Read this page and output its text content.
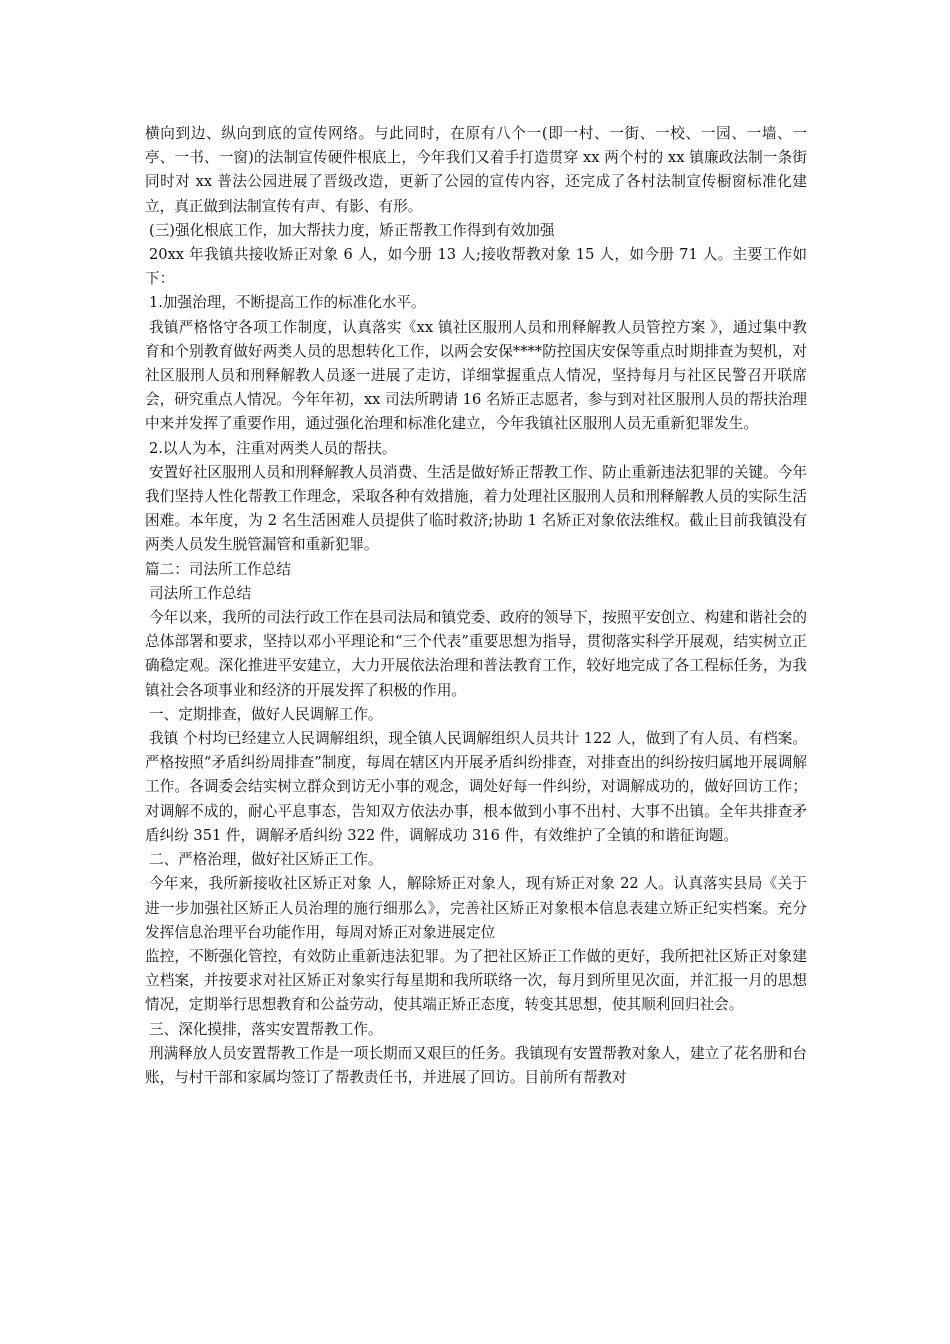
横向到边、纵向到底的宣传网络。与此同时，在原有八个一(即一村、一街、一校、一园、一墙、一亭、一书、一窗)的法制宣传硬件根底上，今年我们又着手打造贯穿 xx 两个村的 xx 镇廉政法制一条街同时对 xx 普法公园进展了晋级改造，更新了公园的宣传内容，还完成了各村法制宣传橱窗标准化建立，真正做到法制宣传有声、有影、有形。

(三)强化根底工作，加大帮扶力度，矫正帮教工作得到有效加强

20xx 年我镇共接收矫正对象 6 人，如今册 13 人;接收帮教对象 15 人，如今册 71 人。主要工作如下：

1.加强治理，不断提高工作的标准化水平。

我镇严格恪守各项工作制度，认真落实《xx 镇社区服刑人员和刑释解教人员管控方案 》，通过集中教育和个别教育做好两类人员的思想转化工作，以两会安保****防控国庆安保等重点时期排查为契机，对社区服刑人员和刑释解教人员逐一进展了走访，详细掌握重点人情况，坚持每月与社区民警召开联席会，研究重点人情况。今年年初，xx 司法所聘请 16 名矫正志愿者，参与到对社区服刑人员的帮扶治理中来并发挥了重要作用，通过强化治理和标准化建立，今年我镇社区服刑人员无重新犯罪发生。

2.以人为本，注重对两类人员的帮扶。

安置好社区服刑人员和刑释解教人员消费、生活是做好矫正帮教工作、防止重新违法犯罪的关键。今年我们坚持人性化帮教工作理念，采取各种有效措施，着力处理社区服刑人员和刑释解教人员的实际生活困难。本年度，为 2 名生活困难人员提供了临时救济;协助 1 名矫正对象依法维权。截止目前我镇没有两类人员发生脱管漏管和重新犯罪。

篇二：司法所工作总结

司法所工作总结

今年以来，我所的司法行政工作在县司法局和镇党委、政府的领导下，按照平安创立、构建和谐社会的总体部署和要求，坚持以邓小平理论和“三个代表”重要思想为指导，贯彻落实科学开展观，结实树立正确稳定观。深化推进平安建立，大力开展依法治理和普法教育工作，较好地完成了各工程标任务，为我镇社会各项事业和经济的开展发挥了积极的作用。

一、定期排查，做好人民调解工作。

我镇 个村均已经建立人民调解组织，现全镇人民调解组织人员共计 122 人，做到了有人员、有档案。严格按照“矛盾纠纷周排查”制度，每周在辖区内开展矛盾纠纷排查，对排查出的纠纷按归属地开展调解工作。各调委会结实树立群众到访无小事的观念，调处好每一件纠纷，对调解成功的，做好回访工作；对调解不成的，耐心平息事态，告知双方依法办事，根本做到小事不出村、大事不出镇。全年共排查矛盾纠纷 351 件，调解矛盾纠纷 322 件，调解成功 316 件，有效维护了全镇的和谐征询题。

二、严格治理，做好社区矫正工作。

今年来，我所新接收社区矫正对象 人，解除矫正对象人，现有矫正对象 22 人。认真落实县局《关于进一步加强社区矫正人员治理的施行细那么》，完善社区矫正对象根本信息表建立矫正纪实档案。充分发挥信息治理平台功能作用，每周对矫正对象进展定位

监控，不断强化管控，有效防止重新违法犯罪。为了把社区矫正工作做的更好，我所把社区矫正对象建立档案，并按要求对社区矫正对象实行每星期和我所联络一次，每月到所里见次面，并汇报一月的思想情况，定期举行思想教育和公益劳动，使其端正矫正态度，转变其思想，使其顺利回归社会。

三、深化摸排，落实安置帮教工作。

刑满释放人员安置帮教工作是一项长期而又艰巨的任务。我镇现有安置帮教对象人，建立了花名册和台账，与村干部和家属均签订了帮教责任书，并进展了回访。目前所有帮教对
